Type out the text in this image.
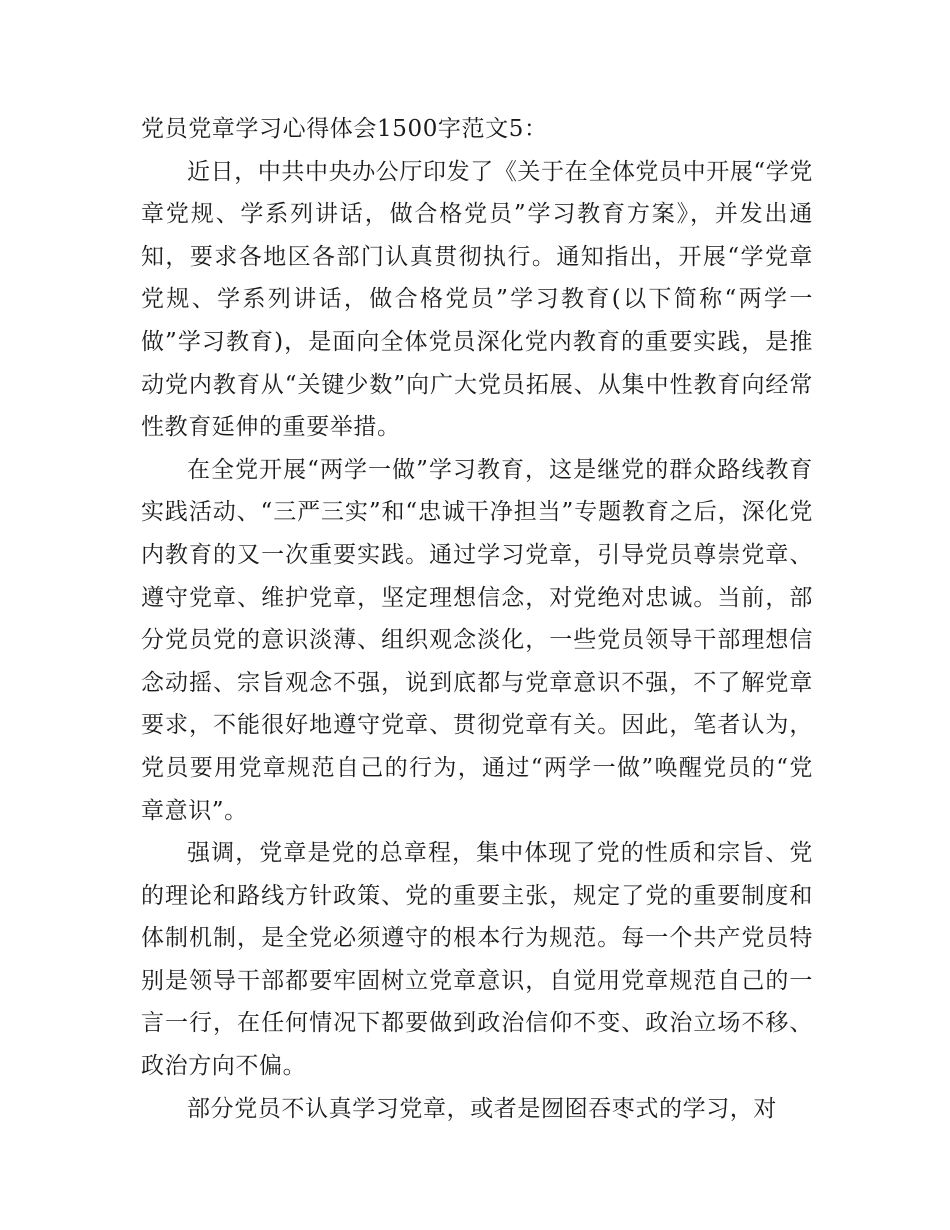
党员党章学习心得体会1500字范文5：

近日，中共中央办公厅印发了《关于在全体党员中开展“学党章党规、学系列讲话，做合格党员”学习教育方案》，并发出通知，要求各地区各部门认真贯彻执行。通知指出，开展“学党章党规、学系列讲话，做合格党员”学习教育(以下简称“两学一做”学习教育)，是面向全体党员深化党内教育的重要实践，是推动党内教育从“关键少数”向广大党员拓展、从集中性教育向经常性教育延伸的重要举措。

在全党开展“两学一做”学习教育，这是继党的群众路线教育实践活动、“三严三实”和“忠诚干净担当”专题教育之后，深化党内教育的又一次重要实践。通过学习党章，引导党员尊崇党章、遵守党章、维护党章，坚定理想信念，对党绝对忠诚。当前，部分党员党的意识淡薄、组织观念淡化，一些党员领导干部理想信念动摇、宗旨观念不强，说到底都与党章意识不强，不了解党章要求，不能很好地遵守党章、贯彻党章有关。因此，笔者认为，党员要用党章规范自己的行为，通过“两学一做”唤醒党员的“党章意识”。

强调，党章是党的总章程，集中体现了党的性质和宗旨、党的理论和路线方针政策、党的重要主张，规定了党的重要制度和体制机制，是全党必须遵守的根本行为规范。每一个共产党员特别是领导干部都要牢固树立党章意识，自觉用党章规范自己的一言一行，在任何情况下都要做到政治信仰不变、政治立场不移、政治方向不偏。

部分党员不认真学习党章，或者是囫囵吞枣式的学习，对
